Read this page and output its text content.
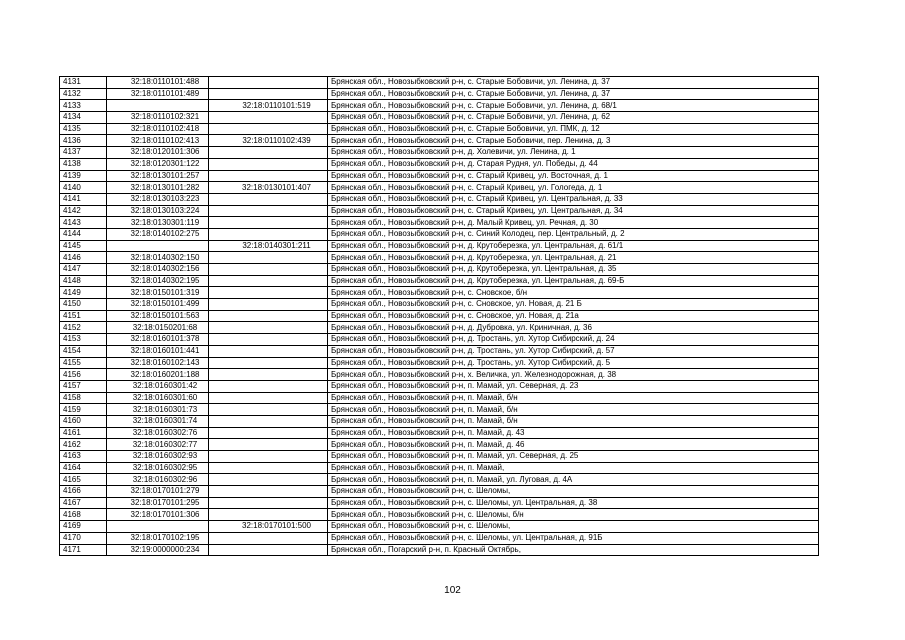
4131	32:18:0110101:488		Брянская обл., Новозыбковский р-н, с. Старые Бобовичи, ул. Ленина, д. 37
4132	32:18:0110101:489		Брянская обл., Новозыбковский р-н, с. Старые Бобовичи, ул. Ленина, д. 37
4133		32:18:0110101:519	Брянская обл., Новозыбковский р-н, с. Старые Бобовичи, ул. Ленина, д. 68/1
4134	32:18:0110102:321		Брянская обл., Новозыбковский р-н, с. Старые Бобовичи, ул. Ленина, д. 62
4135	32:18:0110102:418		Брянская обл., Новозыбковский р-н, с. Старые Бобовичи, ул. ПМК, д. 12
4136	32:18:0110102:413	32:18:0110102:439	Брянская обл., Новозыбковский р-н, с. Старые Бобовичи, пер. Ленина, д. 3
4137	32:18:0120101:306		Брянская обл., Новозыбковский р-н, д. Холевичи, ул. Ленина, д. 1
4138	32:18:0120301:122		Брянская обл., Новозыбковский р-н, д. Старая Рудня, ул. Победы, д. 44
4139	32:18:0130101:257		Брянская обл., Новозыбковский р-н, с. Старый Кривец, ул. Восточная, д. 1
4140	32:18:0130101:282	32:18:0130101:407	Брянская обл., Новозыбковский р-н, с. Старый Кривец, ул. Гологеда, д. 1
4141	32:18:0130103:223		Брянская обл., Новозыбковский р-н, с. Старый Кривец, ул. Центральная, д. 33
4142	32:18:0130103:224		Брянская обл., Новозыбковский р-н, с. Старый Кривец, ул. Центральная, д. 34
4143	32:18:0130301:119		Брянская обл., Новозыбковский р-н, д. Малый Кривец, ул. Речная, д. 30
4144	32:18:0140102:275		Брянская обл., Новозыбковский р-н, с. Синий Колодец, пер. Центральный, д. 2
4145		32:18:0140301:211	Брянская обл., Новозыбковский р-н, д. Крутоберезка, ул. Центральная, д. 61/1
4146	32:18:0140302:150		Брянская обл., Новозыбковский р-н, д. Крутоберезка, ул. Центральная, д. 21
4147	32:18:0140302:156		Брянская обл., Новозыбковский р-н, д. Крутоберезка, ул. Центральная, д. 35
4148	32:18:0140302:195		Брянская обл., Новозыбковский р-н, д. Крутоберезка, ул. Центральная, д. 69-Б
4149	32:18:0150101:319		Брянская обл., Новозыбковский р-н, с. Сновское, б/н
4150	32:18:0150101:499		Брянская обл., Новозыбковский р-н, с. Сновское, ул. Новая, д. 21 Б
4151	32:18:0150101:563		Брянская обл., Новозыбковский р-н, с. Сновское, ул. Новая, д. 21а
4152	32:18:0150201:68		Брянская обл., Новозыбковский р-н, д. Дубровка, ул. Криничная, д. 36
4153	32:18:0160101:378		Брянская обл., Новозыбковский р-н, д. Тростань, ул. Хутор Сибирский, д. 24
4154	32:18:0160101:441		Брянская обл., Новозыбковский р-н, д. Тростань, ул. Хутор Сибирский, д. 57
4155	32:18:0160102:143		Брянская обл., Новозыбковский р-н, д. Тростань, ул. Хутор Сибирский, д. 5
4156	32:18:0160201:188		Брянская обл., Новозыбковский р-н, х. Величка, ул. Железнодорожная, д. 38
4157	32:18:0160301:42		Брянская обл., Новозыбковский р-н, п. Мамай, ул. Северная, д. 23
4158	32:18:0160301:60		Брянская обл., Новозыбковский р-н, п. Мамай, б/н
4159	32:18:0160301:73		Брянская обл., Новозыбковский р-н, п. Мамай, б/н
4160	32:18:0160301:74		Брянская обл., Новозыбковский р-н, п. Мамай, б/н
4161	32:18:0160302:76		Брянская обл., Новозыбковский р-н, п. Мамай, д. 43
4162	32:18:0160302:77		Брянская обл., Новозыбковский р-н, п. Мамай, д. 46
4163	32:18:0160302:93		Брянская обл., Новозыбковский р-н, п. Мамай, ул. Северная, д. 25
4164	32:18:0160302:95		Брянская обл., Новозыбковский р-н, п. Мамай,
4165	32:18:0160302:96		Брянская обл., Новозыбковский р-н, п. Мамай, ул. Луговая, д. 4А
4166	32:18:0170101:279		Брянская обл., Новозыбковский р-н, с. Шеломы,
4167	32:18:0170101:295		Брянская обл., Новозыбковский р-н, с. Шеломы, ул. Центральная, д. 38
4168	32:18:0170101:306		Брянская обл., Новозыбковский р-н, с. Шеломы, б/н
4169		32:18:0170101:500	Брянская обл., Новозыбковский р-н, с. Шеломы,
4170	32:18:0170102:195		Брянская обл., Новозыбковский р-н, с. Шеломы, ул. Центральная, д. 91Б
4171	32:19:0000000:234		Брянская обл., Погарский р-н, п. Красный Октябрь,
102
